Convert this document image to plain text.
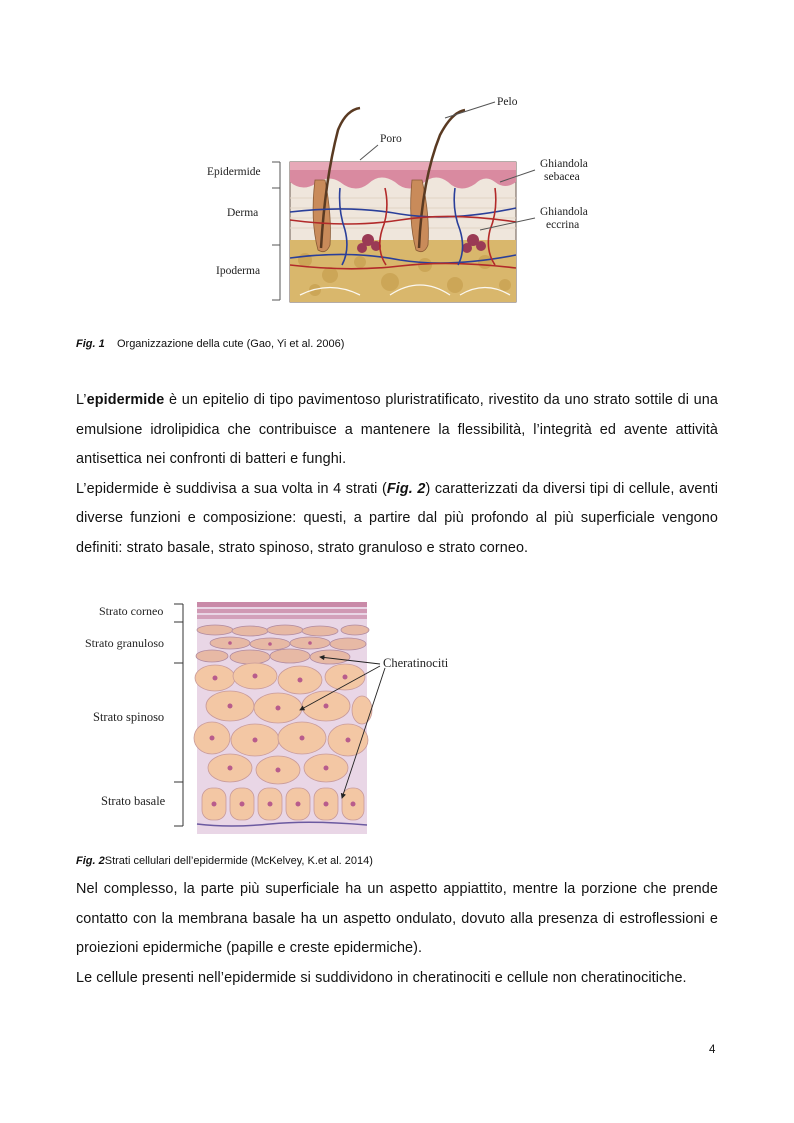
Pelo
Poro
Epidermide
Derma
Ipoderma
Ghiandola
sebacea
Ghiandola
eccrina
Fig. 1 Organizzazione della cute (Gao, Yi et al. 2006)
L’epidermide è un epitelio di tipo pavimentoso pluristratificato, rivestito da uno strato sottile di una
emulsione idrolipidica che contribuisce a mantenere la flessibilità, l’integrità ed avente attività
antisettica nei confronti di batteri e funghi.
L’epidermide è suddivisa a sua volta in 4 strati (Fig. 2) caratterizzati da diversi tipi di cellule, aventi
diverse funzioni e composizione: questi, a partire dal più profondo al più superficiale vengono
definiti: strato basale, strato spinoso, strato granuloso e strato corneo.
Strato corneo
Strato granuloso
Strato spinoso
Strato basale
Cheratinociti
Fig. 2Strati cellulari dell’epidermide (McKelvey, K.et al. 2014)
Nel complesso, la parte più superficiale ha un aspetto appiattito, mentre la porzione che prende
contatto con la membrana basale ha un aspetto ondulato, dovuto alla presenza di estroflessioni e
proiezioni epidermiche (papille e creste epidermiche).
Le cellule presenti nell’epidermide si suddividono in cheratinociti e cellule non cheratinocitiche.
4
